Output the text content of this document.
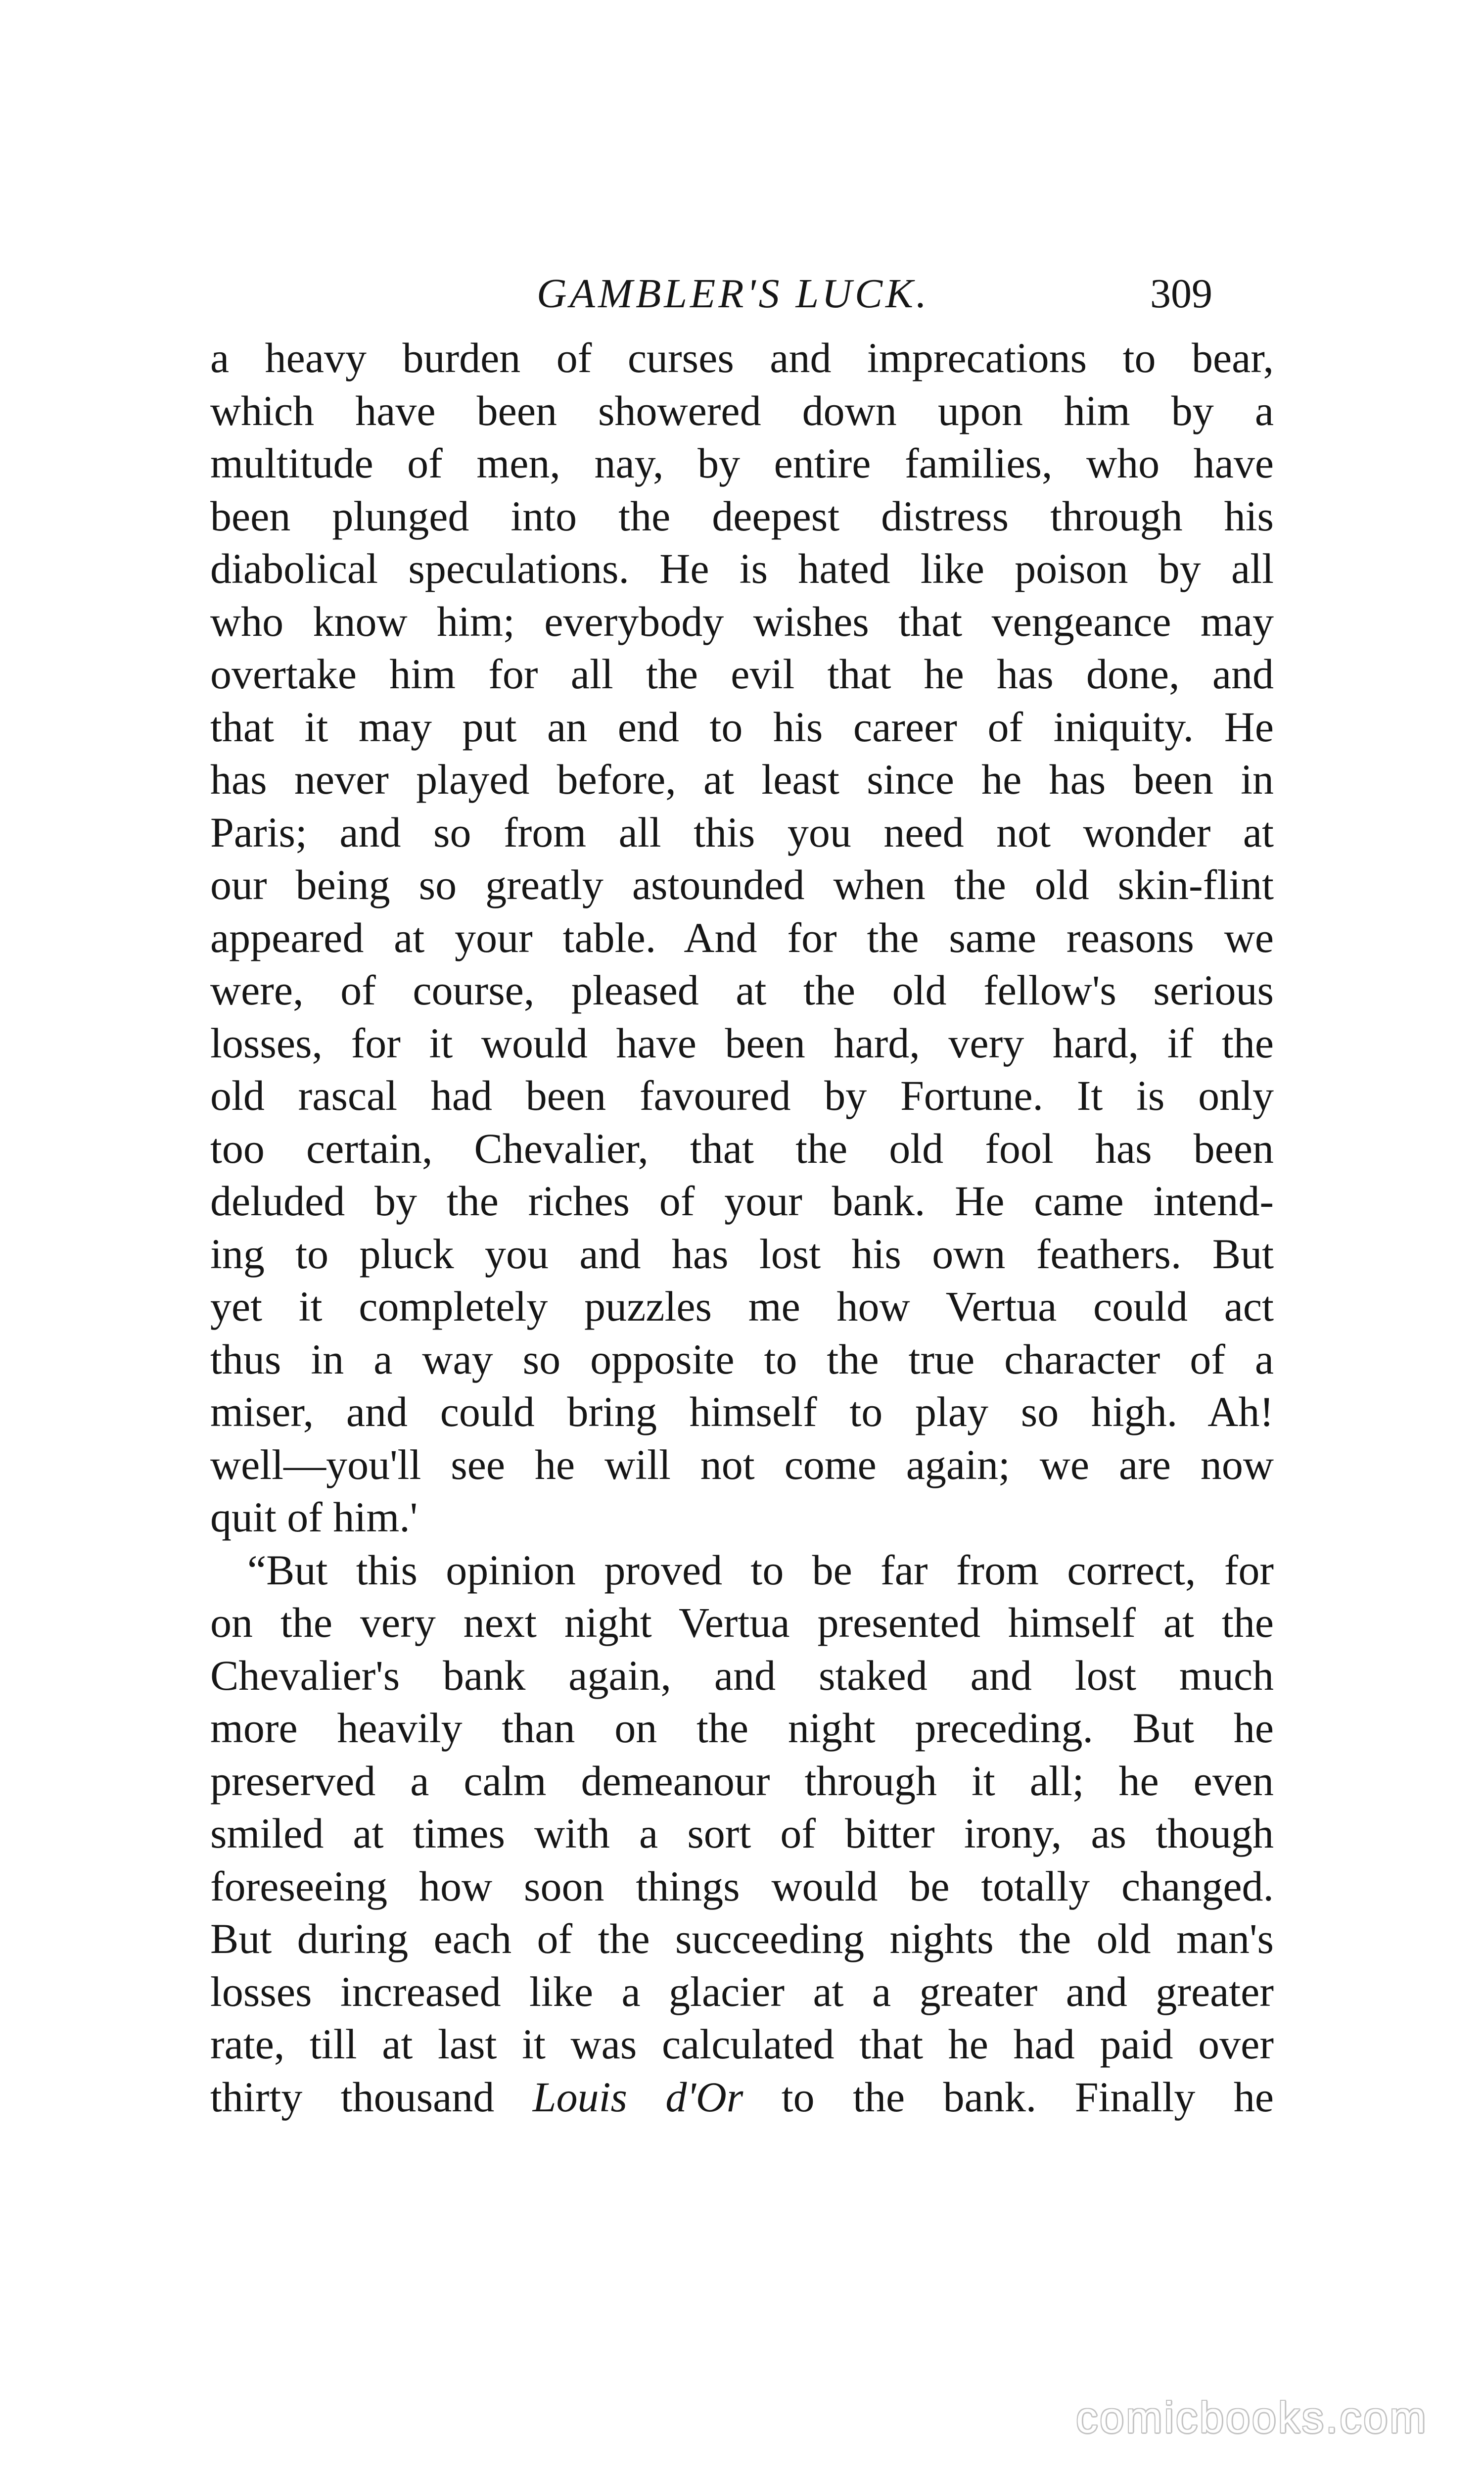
GAMBLER'S LUCK.	309
a heavy burden of curses and imprecations to bear,
which have been showered down upon him by a
multitude of men, nay, by entire families, who have
been plunged into the deepest distress through his
diabolical speculations. He is hated like poison by all
who know him; everybody wishes that vengeance may
overtake him for all the evil that he has done, and
that it may put an end to his career of iniquity. He
has never played before, at least since he has been in
Paris; and so from all this you need not wonder at
our being so greatly astounded when the old skin-flint
appeared at your table. And for the same reasons we
were, of course, pleased at the old fellow's serious
losses, for it would have been hard, very hard, if the
old rascal had been favoured by Fortune. It is only
too certain, Chevalier, that the old fool has been
deluded by the riches of your bank. He came intend-
ing to pluck you and has lost his own feathers. But
yet it completely puzzles me how Vertua could act
thus in a way so opposite to the true character of a
miser, and could bring himself to play so high. Ah!
well—you'll see he will not come again; we are now
quit of him.'
“But this opinion proved to be far from correct, for
on the very next night Vertua presented himself at the
Chevalier's bank again, and staked and lost much
more heavily than on the night preceding. But he
preserved a calm demeanour through it all; he even
smiled at times with a sort of bitter irony, as though
foreseeing how soon things would be totally changed.
But during each of the succeeding nights the old man's
losses increased like a glacier at a greater and greater
rate, till at last it was calculated that he had paid over
thirty thousand Louis d'Or to the bank. Finally he
comicbooks.com
